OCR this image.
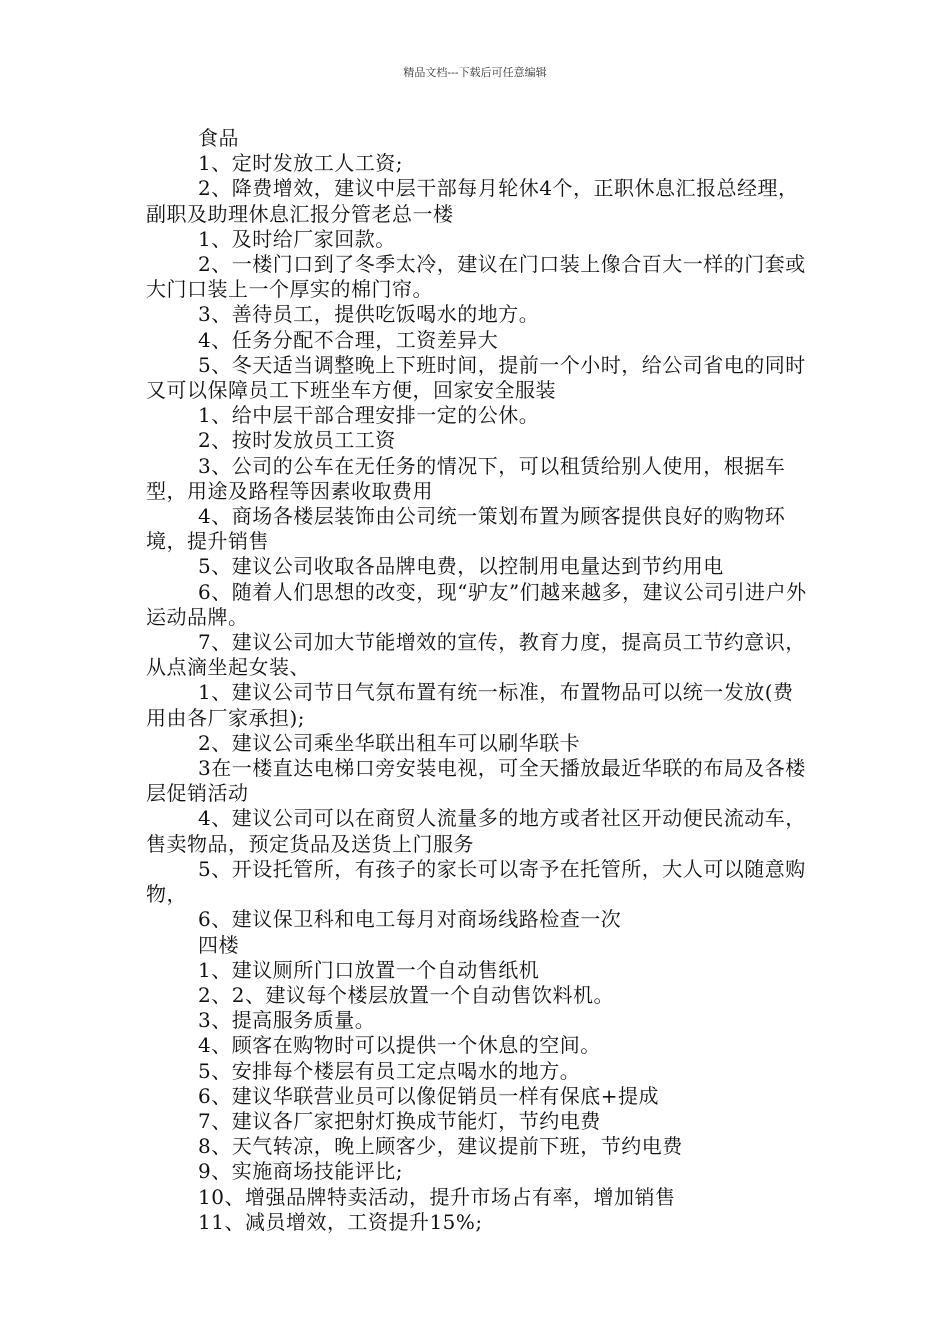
精品文档---下载后可任意编辑

食品

1、定时发放工人工资;

2、降费增效，建议中层干部每月轮休4个，正职休息汇报总经理，副职及助理休息汇报分管老总一楼

1、及时给厂家回款。

2、一楼门口到了冬季太冷，建议在门口装上像合百大一样的门套或大门口装上一个厚实的棉门帘。

3、善待员工，提供吃饭喝水的地方。

4、任务分配不合理，工资差异大

5、冬天适当调整晚上下班时间，提前一个小时，给公司省电的同时又可以保障员工下班坐车方便，回家安全服装

1、给中层干部合理安排一定的公休。

2、按时发放员工工资

3、公司的公车在无任务的情况下，可以租赁给别人使用，根据车型，用途及路程等因素收取费用

4、商场各楼层装饰由公司统一策划布置为顾客提供良好的购物环境，提升销售

5、建议公司收取各品牌电费，以控制用电量达到节约用电

6、随着人们思想的改变，现“驴友”们越来越多，建议公司引进户外运动品牌。

7、建议公司加大节能增效的宣传，教育力度，提高员工节约意识，从点滴坐起女装、

1、建议公司节日气氛布置有统一标准，布置物品可以统一发放(费用由各厂家承担);

2、建议公司乘坐华联出租车可以刷华联卡

3在一楼直达电梯口旁安装电视，可全天播放最近华联的布局及各楼层促销活动

4、建议公司可以在商贸人流量多的地方或者社区开动便民流动车，售卖物品，预定货品及送货上门服务

5、开设托管所，有孩子的家长可以寄予在托管所，大人可以随意购物，

6、建议保卫科和电工每月对商场线路检查一次

四楼

1、建议厕所门口放置一个自动售纸机

2、2、建议每个楼层放置一个自动售饮料机。

3、提高服务质量。

4、顾客在购物时可以提供一个休息的空间。

5、安排每个楼层有员工定点喝水的地方。

6、建议华联营业员可以像促销员一样有保底+提成

7、建议各厂家把射灯换成节能灯，节约电费

8、天气转凉，晚上顾客少，建议提前下班，节约电费

9、实施商场技能评比;

10、增强品牌特卖活动，提升市场占有率，增加销售

11、减员增效，工资提升15%;
